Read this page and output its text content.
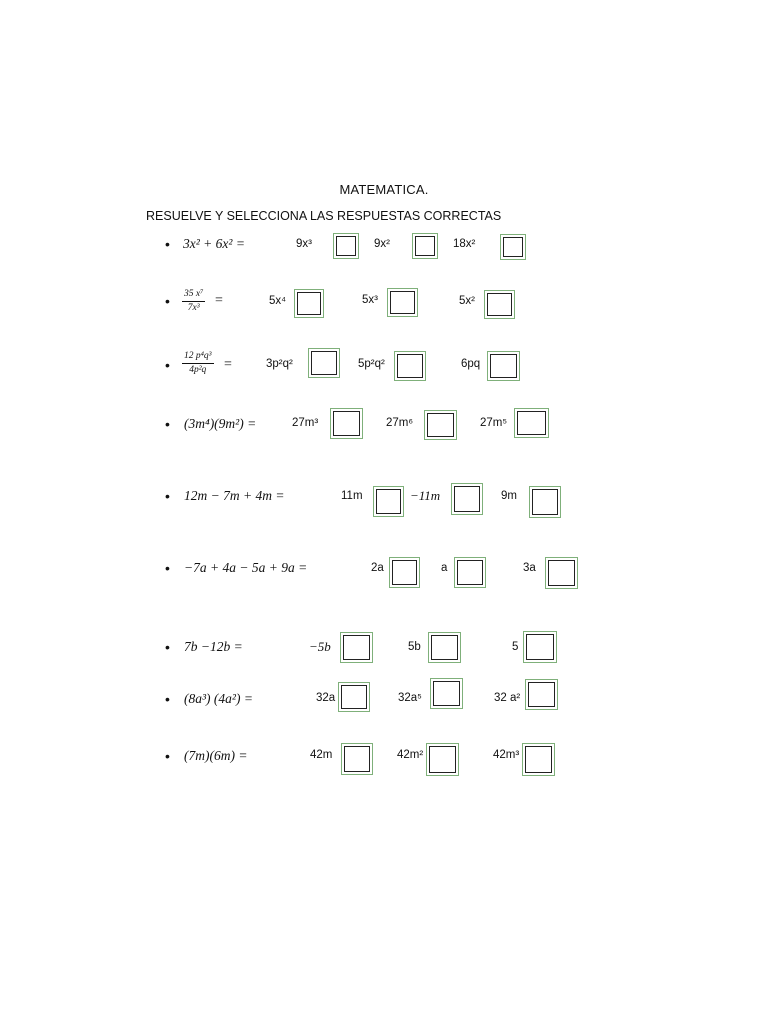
MATEMATICA.
RESUELVE Y SELECCIONA LAS RESPUESTAS CORRECTAS
• 3x² + 6x² =	9x³	9x²	18x²
• $\frac{\text{35 x⁷}}{\text{7x³}}$ =	5x⁴	5x³	5x²
• $\frac{\text{12 p⁴q³}}{\text{4p²q}}$ =	3p²q²	5p²q²	6pq
• (3m⁴)(9m²) =	27m³	27m⁶	27m⁵
• 12m − 7m + 4m =	11m	−11m	9m
• −7a + 4a − 5a + 9a =	2a	a	3a
• 7b −12b =	−5b	5b	5
• (8a³) (4a²) =	32a	32a⁵	32 a²
• (7m)(6m) =	42m	42m²	42m³
